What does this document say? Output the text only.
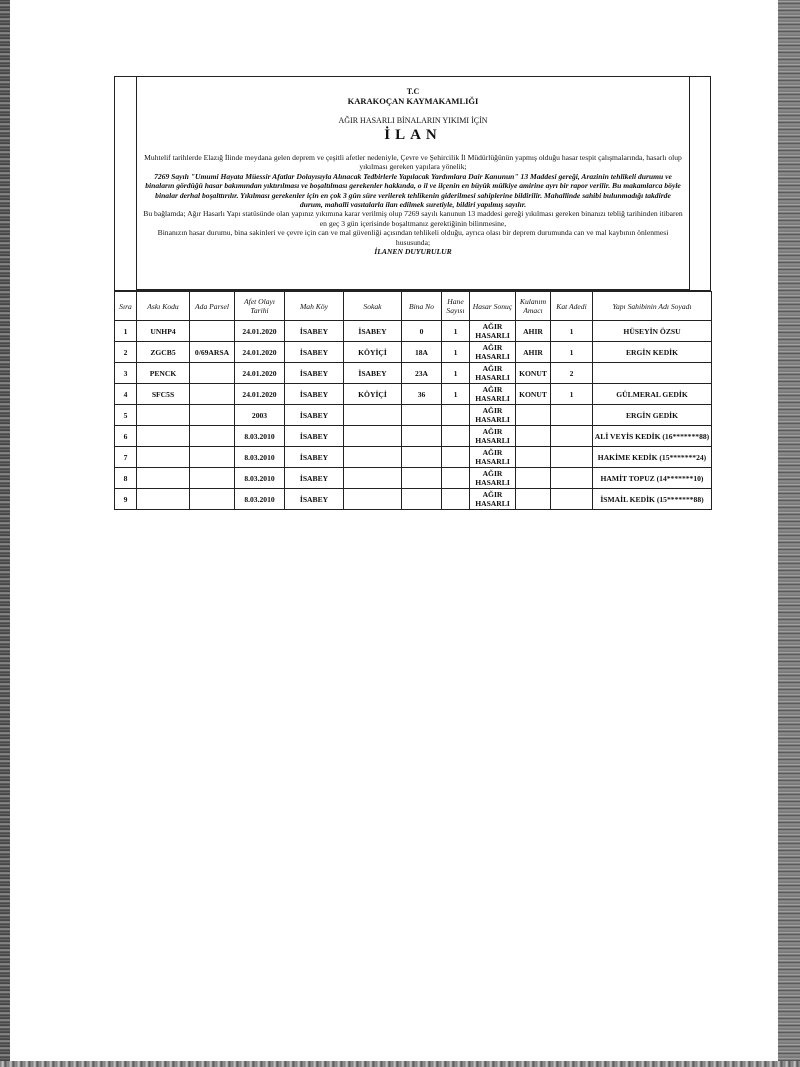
T.C
KARAKOÇAN KAYMAKAMLIĞI
AĞIR HASARLI BİNALARIN YIKIMI İÇİN
İLAN
Muhtelif tarihlerde Elazığ İlinde meydana gelen deprem ve çeşitli afetler nedeniyle, Çevre ve Şehircilik İl Müdürlüğünün yapmış olduğu hasar tespit çalışmalarında, hasarlı olup yıkılması gereken yapılara yönelik;
7269 Sayılı "Umumi Hayata Müessir Afatlar Dolayısıyla Alınacak Tedbirlerle Yapılacak Yardımlara Dair Kanunun" 13 Maddesi gereği, Arazinin tehlikeli durumu ve binaların gördüğü hasar bakımından yıktırılması ve boşaltılması gerekenler hakkında, o il ve ilçenin en büyük mülkiye amirine ayrı bir rapor verilir. Bu makamlarca böyle binalar derhal boşalttırılır. Yıkılması gerekenler için en çok 3 gün süre verilerek tehlikenin giderilmesi sahiplerine bildirilir. Mahallinde sahibi bulunmadığı takdirde durum, mahalli vasıtalarla ilan edilmek suretiyle, bildiri yapılmış sayılır.
Bu bağlamda; Ağır Hasarlı Yapı statüsünde olan yapınız yıkımına karar verilmiş olup 7269 sayılı kanunun 13 maddesi gereği yıkılması gereken binanızı tebliğ tarihinden itibaren en geç 3 gün içerisinde boşaltmanız gerektiğinin bilinmesine,
Binanızın hasar durumu, bina sakinleri ve çevre için can ve mal güvenliği açısından tehlikeli olduğu, ayrıca olası bir deprem durumunda can ve mal kaybının önlenmesi hususunda;
İLANEN DUYURULUR
Sıra	Askı Kodu	Ada Parsel	Afet Olayı Tarihi	Mah Köy	Sokak	Bina No	Hane Sayısı	Hasar Sonuç	Kulanım Amacı	Kat Adedi	Yapı Sahibinin Adı Soyadı
1	UNHP4		24.01.2020	İSABEY	İSABEY	0	1	AĞIR HASARLI	AHIR	1	HÜSEYİN ÖZSU
2	ZGCB5	0/69ARSA	24.01.2020	İSABEY	KÖYİÇİ	18A	1	AĞIR HASARLI	AHIR	1	ERGİN KEDİK
3	PENCK		24.01.2020	İSABEY	İSABEY	23A	1	AĞIR HASARLI	KONUT	2	
4	SFC5S		24.01.2020	İSABEY	KÖYİÇİ	36	1	AĞIR HASARLI	KONUT	1	GÜLMERAL GEDİK
5			2003	İSABEY				AĞIR HASARLI			ERGİN GEDİK
6			8.03.2010	İSABEY				AĞIR HASARLI			ALİ VEYİS KEDİK (16*******88)
7			8.03.2010	İSABEY				AĞIR HASARLI			HAKİME KEDİK (15*******24)
8			8.03.2010	İSABEY				AĞIR HASARLI			HAMİT TOPUZ (14*******10)
9			8.03.2010	İSABEY				AĞIR HASARLI			İSMAİL KEDİK (15*******88)
